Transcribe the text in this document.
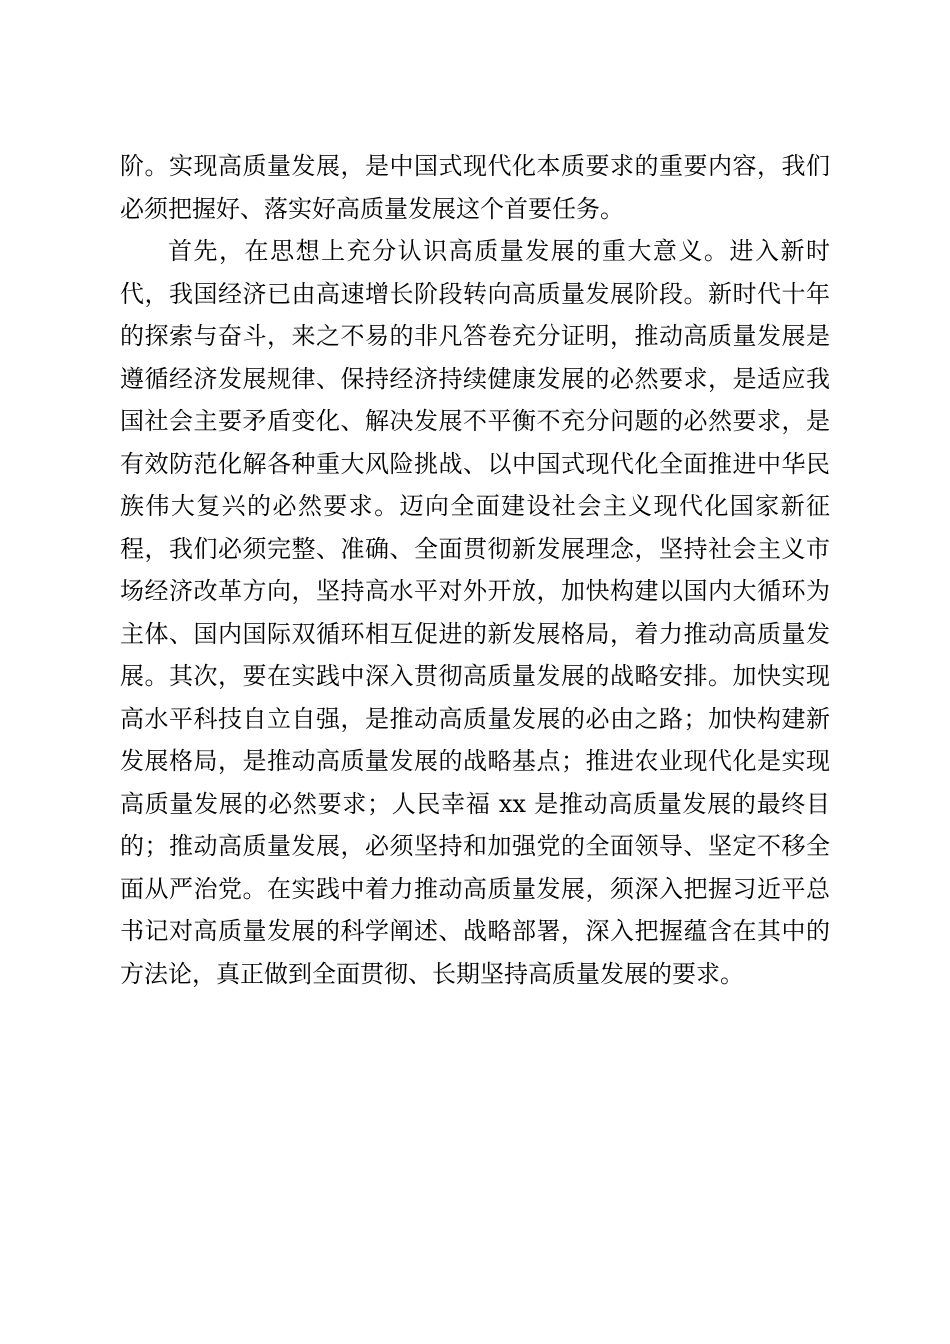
阶。实现高质量发展，是中国式现代化本质要求的重要内容，我们必须把握好、落实好高质量发展这个首要任务。

首先，在思想上充分认识高质量发展的重大意义。进入新时代，我国经济已由高速增长阶段转向高质量发展阶段。新时代十年的探索与奋斗，来之不易的非凡答卷充分证明，推动高质量发展是遵循经济发展规律、保持经济持续健康发展的必然要求，是适应我国社会主要矛盾变化、解决发展不平衡不充分问题的必然要求，是有效防范化解各种重大风险挑战、以中国式现代化全面推进中华民族伟大复兴的必然要求。迈向全面建设社会主义现代化国家新征程，我们必须完整、准确、全面贯彻新发展理念，坚持社会主义市场经济改革方向，坚持高水平对外开放，加快构建以国内大循环为主体、国内国际双循环相互促进的新发展格局，着力推动高质量发展。其次，要在实践中深入贯彻高质量发展的战略安排。加快实现高水平科技自立自强，是推动高质量发展的必由之路；加快构建新发展格局，是推动高质量发展的战略基点；推进农业现代化是实现高质量发展的必然要求；人民幸福 xx 是推动高质量发展的最终目的；推动高质量发展，必须坚持和加强党的全面领导、坚定不移全面从严治党。在实践中着力推动高质量发展，须深入把握习近平总书记对高质量发展的科学阐述、战略部署，深入把握蕴含在其中的方法论，真正做到全面贯彻、长期坚持高质量发展的要求。
